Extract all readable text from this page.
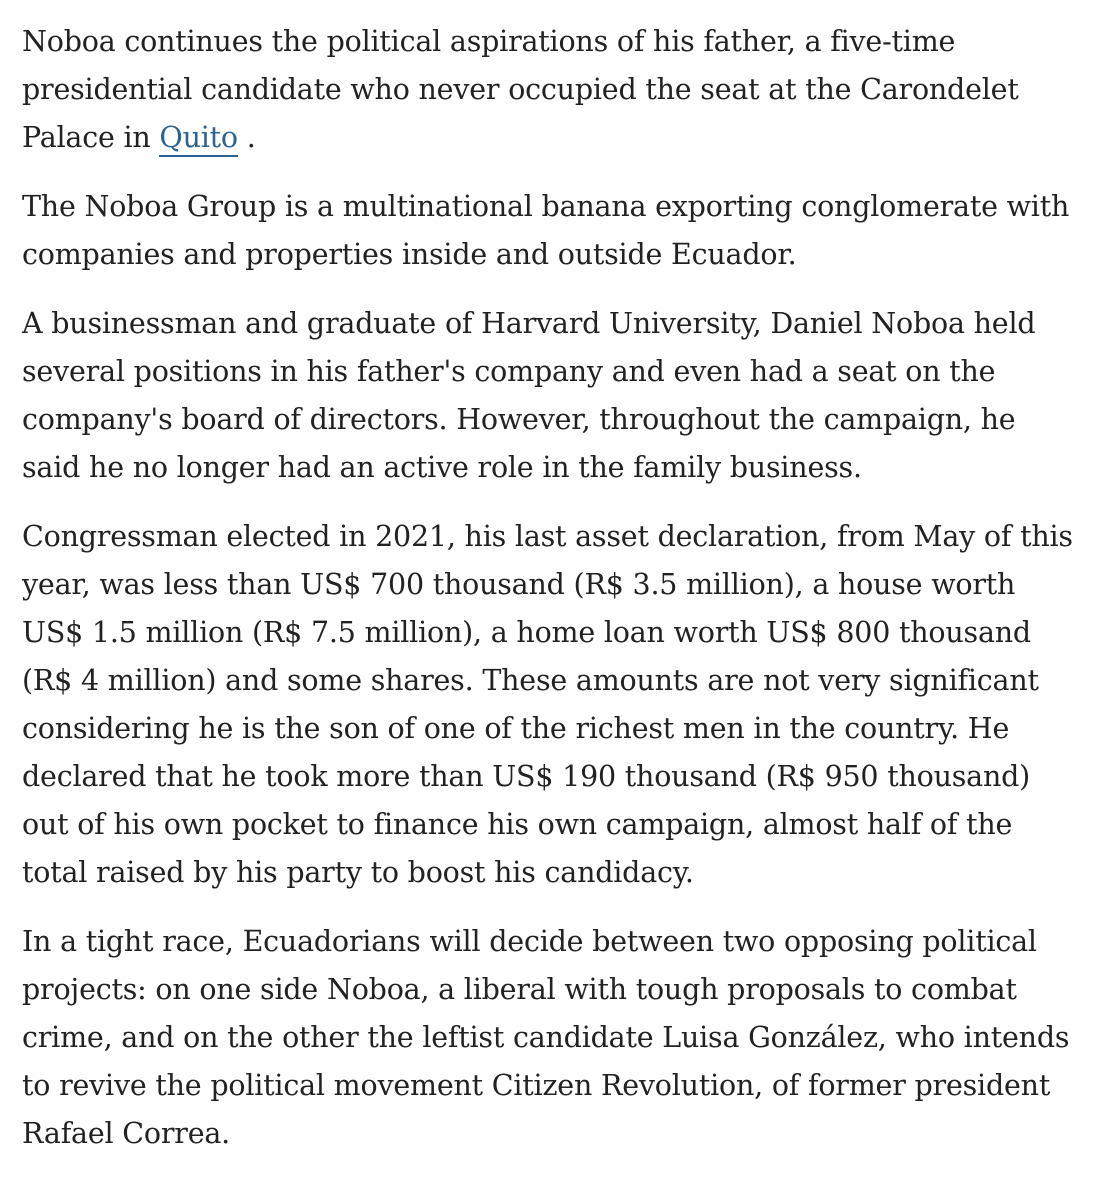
Noboa continues the political aspirations of his father, a five-time presidential candidate who never occupied the seat at the Carondelet Palace in Quito .

The Noboa Group is a multinational banana exporting conglomerate with companies and properties inside and outside Ecuador.

A businessman and graduate of Harvard University, Daniel Noboa held several positions in his father's company and even had a seat on the company's board of directors. However, throughout the campaign, he said he no longer had an active role in the family business.

Congressman elected in 2021, his last asset declaration, from May of this year, was less than US$ 700 thousand (R$ 3.5 million), a house worth US$ 1.5 million (R$ 7.5 million), a home loan worth US$ 800 thousand (R$ 4 million) and some shares. These amounts are not very significant considering he is the son of one of the richest men in the country. He declared that he took more than US$ 190 thousand (R$ 950 thousand) out of his own pocket to finance his own campaign, almost half of the total raised by his party to boost his candidacy.

In a tight race, Ecuadorians will decide between two opposing political projects: on one side Noboa, a liberal with tough proposals to combat crime, and on the other the leftist candidate Luisa González, who intends to revive the political movement Citizen Revolution, of former president Rafael Correa.
